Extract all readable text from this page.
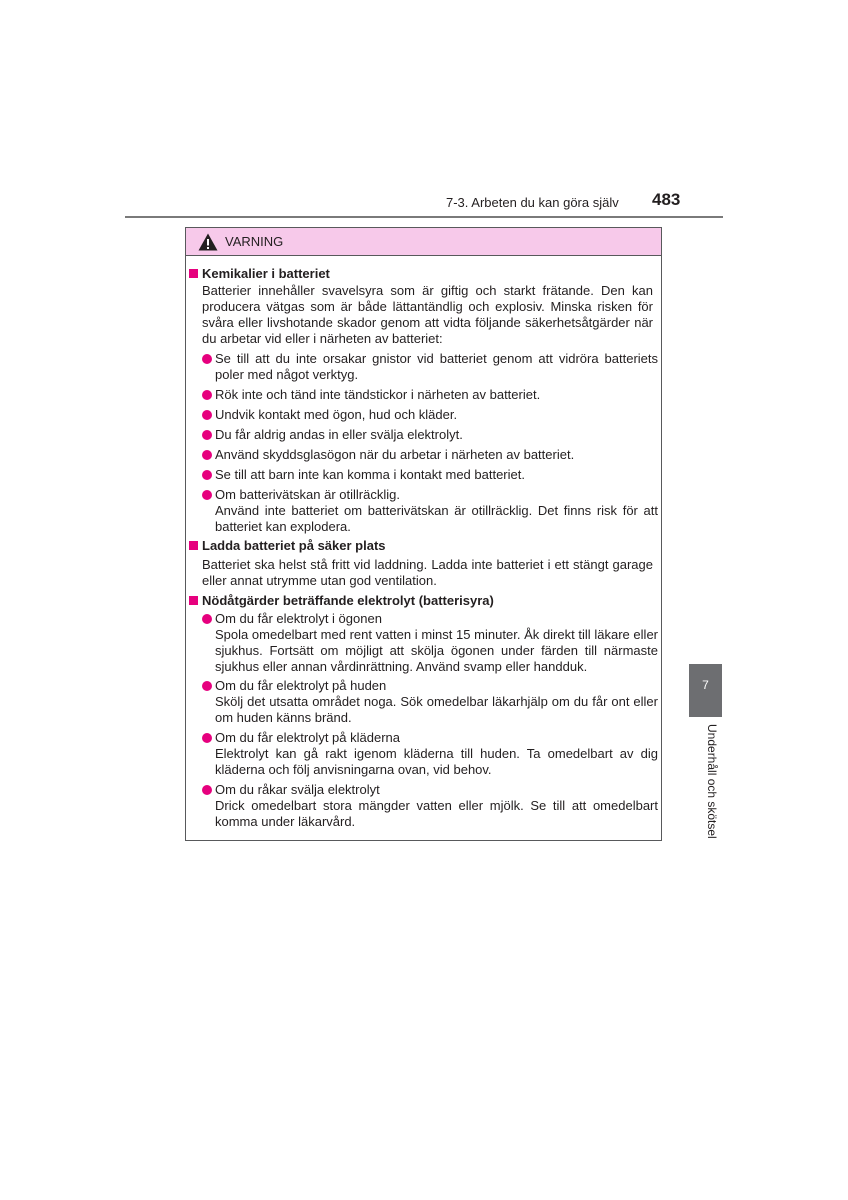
7-3. Arbeten du kan göra själv 483
VARNING
Kemikalier i batteriet
Batterier innehåller svavelsyra som är giftig och starkt frätande. Den kan producera vätgas som är både lättantändlig och explosiv. Minska risken för svåra eller livshotande skador genom att vidta följande säkerhetsåtgärder när du arbetar vid eller i närheten av batteriet:
Se till att du inte orsakar gnistor vid batteriet genom att vidröra batteriets poler med något verktyg.
Rök inte och tänd inte tändstickor i närheten av batteriet.
Undvik kontakt med ögon, hud och kläder.
Du får aldrig andas in eller svälja elektrolyt.
Använd skyddsglasögon när du arbetar i närheten av batteriet.
Se till att barn inte kan komma i kontakt med batteriet.
Om batterivätskan är otillräcklig.
Använd inte batteriet om batterivätskan är otillräcklig. Det finns risk för att batteriet kan explodera.
Ladda batteriet på säker plats
Batteriet ska helst stå fritt vid laddning. Ladda inte batteriet i ett stängt garage eller annat utrymme utan god ventilation.
Nödåtgärder beträffande elektrolyt (batterisyra)
Om du får elektrolyt i ögonen
Spola omedelbart med rent vatten i minst 15 minuter. Åk direkt till läkare eller sjukhus. Fortsätt om möjligt att skölja ögonen under färden till närmaste sjukhus eller annan vårdinrättning. Använd svamp eller handduk.
Om du får elektrolyt på huden
Skölj det utsatta området noga. Sök omedelbar läkarhjälp om du får ont eller om huden känns bränd.
Om du får elektrolyt på kläderna
Elektrolyt kan gå rakt igenom kläderna till huden. Ta omedelbart av dig kläderna och följ anvisningarna ovan, vid behov.
Om du råkar svälja elektrolyt
Drick omedelbart stora mängder vatten eller mjölk. Se till att omedelbart komma under läkarvård.
7
Underhåll och skötsel
